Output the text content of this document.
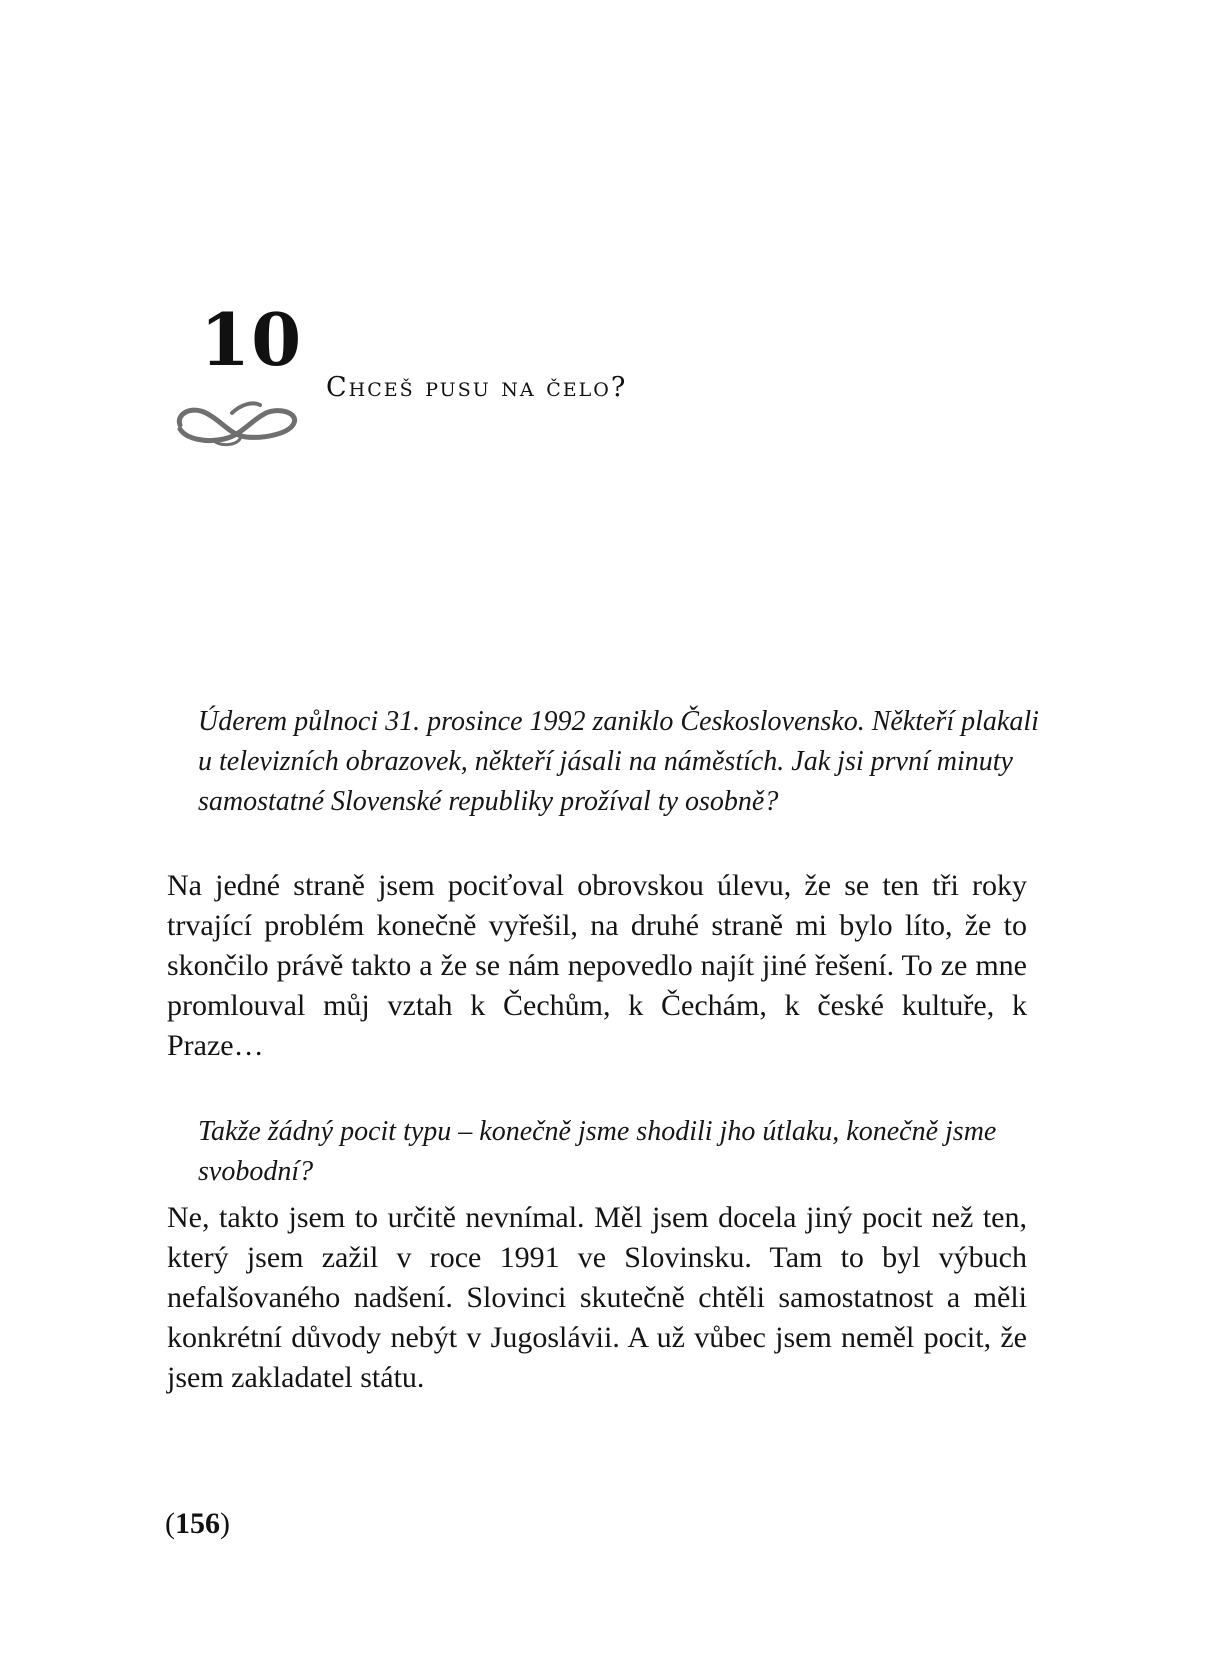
10
Chceš pusu na čelo?
Úderem půlnoci 31. prosince 1992 zaniklo Československo. Někteří plakali u televizních obrazovek, někteří jásali na náměstích. Jak jsi první minuty samostatné Slovenské republiky prožíval ty osobně?
Na jedné straně jsem pociťoval obrovskou úlevu, že se ten tři roky trvající problém konečně vyřešil, na druhé straně mi bylo líto, že to skončilo právě takto a že se nám nepovedlo najít jiné řešení. To ze mne promlouval můj vztah k Čechům, k Čechám, k české kultuře, k Praze…
Takže žádný pocit typu – konečně jsme shodili jho útlaku, konečně jsme svobodní?
Ne, takto jsem to určitě nevnímal. Měl jsem docela jiný pocit než ten, který jsem zažil v roce 1991 ve Slovinsku. Tam to byl výbuch nefalšovaného nadšení. Slovinci skutečně chtěli samostatnost a měli konkrétní důvody nebýt v Jugoslávii. A už vůbec jsem neměl pocit, že jsem zakladatel státu.
(156)
